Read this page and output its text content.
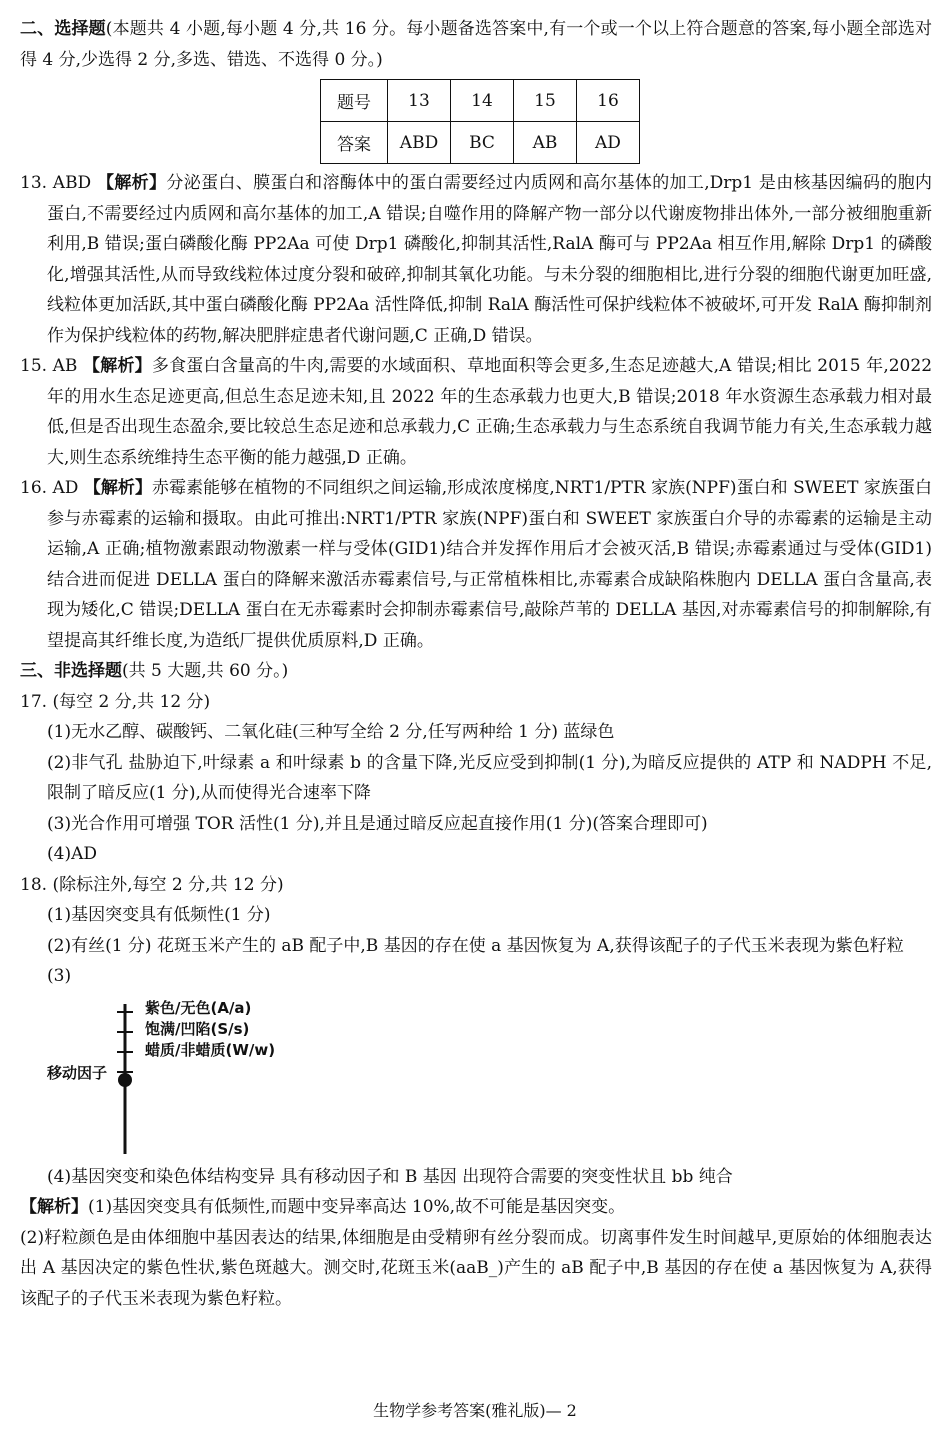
二、选择题(本题共 4 小题,每小题 4 分,共 16 分。每小题备选答案中,有一个或一个以上符合题意的答案,每小题全部选对得 4 分,少选得 2 分,多选、错选、不选得 0 分。)

题号	13	14	15	16
答案	ABD	BC	AB	AD

13. ABD 【解析】分泌蛋白、膜蛋白和溶酶体中的蛋白需要经过内质网和高尔基体的加工,Drp1 是由核基因编码的胞内蛋白,不需要经过内质网和高尔基体的加工,A 错误;自噬作用的降解产物一部分以代谢废物排出体外,一部分被细胞重新利用,B 错误;蛋白磷酸化酶 PP2Aa 可使 Drp1 磷酸化,抑制其活性,RalA 酶可与 PP2Aa 相互作用,解除 Drp1 的磷酸化,增强其活性,从而导致线粒体过度分裂和破碎,抑制其氧化功能。与未分裂的细胞相比,进行分裂的细胞代谢更加旺盛,线粒体更加活跃,其中蛋白磷酸化酶 PP2Aa 活性降低,抑制 RalA 酶活性可保护线粒体不被破坏,可开发 RalA 酶抑制剂作为保护线粒体的药物,解决肥胖症患者代谢问题,C 正确,D 错误。

15. AB 【解析】多食蛋白含量高的牛肉,需要的水域面积、草地面积等会更多,生态足迹越大,A 错误;相比 2015 年,2022 年的用水生态足迹更高,但总生态足迹未知,且 2022 年的生态承载力也更大,B 错误;2018 年水资源生态承载力相对最低,但是否出现生态盈余,要比较总生态足迹和总承载力,C 正确;生态承载力与生态系统自我调节能力有关,生态承载力越大,则生态系统维持生态平衡的能力越强,D 正确。

16. AD 【解析】赤霉素能够在植物的不同组织之间运输,形成浓度梯度,NRT1/PTR 家族(NPF)蛋白和 SWEET 家族蛋白参与赤霉素的运输和摄取。由此可推出:NRT1/PTR 家族(NPF)蛋白和 SWEET 家族蛋白介导的赤霉素的运输是主动运输,A 正确;植物激素跟动物激素一样与受体(GID1)结合并发挥作用后才会被灭活,B 错误;赤霉素通过与受体(GID1)结合进而促进 DELLA 蛋白的降解来激活赤霉素信号,与正常植株相比,赤霉素合成缺陷株胞内 DELLA 蛋白含量高,表现为矮化,C 错误;DELLA 蛋白在无赤霉素时会抑制赤霉素信号,敲除芦苇的 DELLA 基因,对赤霉素信号的抑制解除,有望提高其纤维长度,为造纸厂提供优质原料,D 正确。

三、非选择题(共 5 大题,共 60 分。)

17. (每空 2 分,共 12 分)

(1)无水乙醇、碳酸钙、二氧化硅(三种写全给 2 分,任写两种给 1 分) 蓝绿色

(2)非气孔 盐胁迫下,叶绿素 a 和叶绿素 b 的含量下降,光反应受到抑制(1 分),为暗反应提供的 ATP 和 NADPH 不足,限制了暗反应(1 分),从而使得光合速率下降

(3)光合作用可增强 TOR 活性(1 分),并且是通过暗反应起直接作用(1 分)(答案合理即可)

(4)AD

18. (除标注外,每空 2 分,共 12 分)

(1)基因突变具有低频性(1 分)

(2)有丝(1 分) 花斑玉米产生的 aB 配子中,B 基因的存在使 a 基因恢复为 A,获得该配子的子代玉米表现为紫色籽粒

(3)

紫色/无色(A/a)
饱满/凹陷(S/s)
蜡质/非蜡质(W/w)
移动因子

(4)基因突变和染色体结构变异 具有移动因子和 B 基因 出现符合需要的突变性状且 bb 纯合

【解析】(1)基因突变具有低频性,而题中变异率高达 10%,故不可能是基因突变。

(2)籽粒颜色是由体细胞中基因表达的结果,体细胞是由受精卵有丝分裂而成。切离事件发生时间越早,更原始的体细胞表达出 A 基因决定的紫色性状,紫色斑越大。测交时,花斑玉米(aaB_)产生的 aB 配子中,B 基因的存在使 a 基因恢复为 A,获得该配子的子代玉米表现为紫色籽粒。

生物学参考答案(雅礼版)— 2
